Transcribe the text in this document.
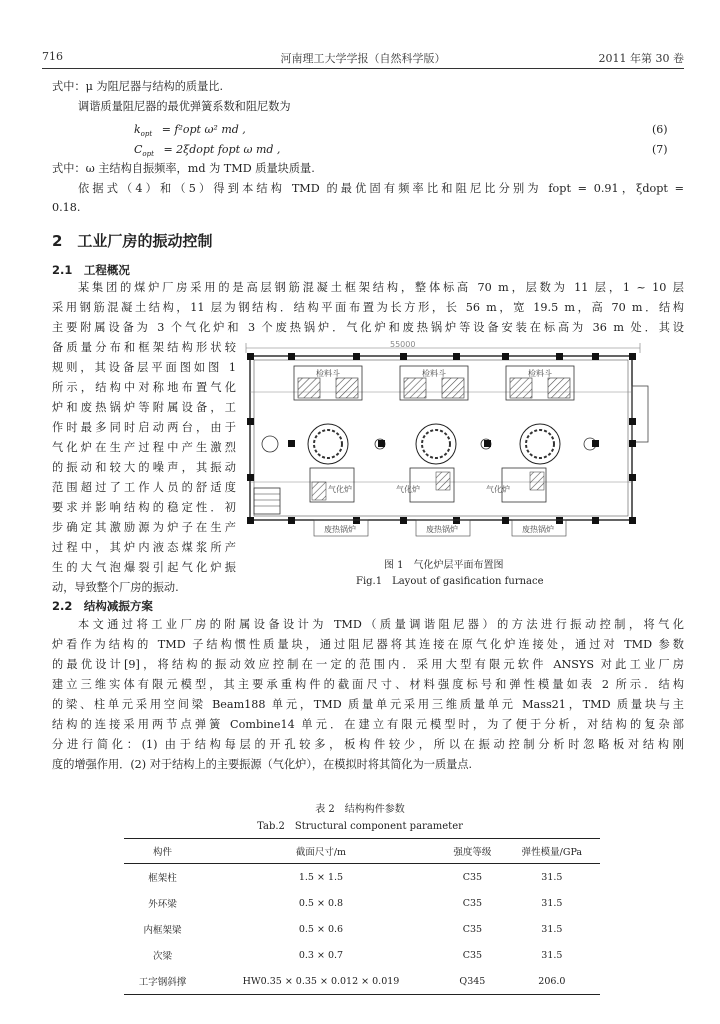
716	河南理工大学学报（自然科学版）	2011 年第 30 卷
式中：μ 为阻尼器与结构的质量比.
调谐质量阻尼器的最优弹簧系数和阻尼数为
$k_{opt} = f^2opt$ ω² md ,	(6)
$C_{opt}$ = 2ξdopt fopt ω md ,	(7)
式中：ω 主结构自振频率，md 为 TMD 质量块质量.
依据式（4）和（5）得到本结构 TMD 的最优固有频率比和阻尼比分别为 fopt = 0.91，ξdopt =
0.18.
2　工业厂房的振动控制
2.1　工程概况
某集团的煤炉厂房采用的是高层钢筋混凝土框架结构，整体标高 70 m，层数为 11 层，1 ~ 10 层
采用钢筋混凝土结构，11 层为钢结构．结构平面布置为长方形，长 56 m，宽 19.5 m，高 70 m．结构
主要附属设备为 3 个气化炉和 3 个废热锅炉．气化炉和废热锅炉等设备安装在标高为 36 m 处．其设
备质量分布和框架结构形状较
规则，其设备层平面图如图 1
所示，结构中对称地布置气化
炉和废热锅炉等附属设备，工
作时最多同时启动两台，由于
气化炉在生产过程中产生激烈
的振动和较大的噪声，其振动
范围超过了工作人员的舒适度
要求并影响结构的稳定性．初
步确定其激励源为炉子在生产
过程中，其炉内液态煤浆所产
生的大气泡爆裂引起气化炉振
动，导致整个厂房的振动.
55000
检料斗	检料斗	检料斗
气化炉	气化炉	气化炉
废热锅炉	废热锅炉	废热锅炉
图 1　气化炉层平面布置图
Fig.1　Layout of gasification furnace
2.2　结构减振方案
本文通过将工业厂房的附属设备设计为 TMD（质量调谐阻尼器）的方法进行振动控制，将气化
炉看作为结构的 TMD 子结构惯性质量块，通过阻尼器将其连接在原气化炉连接处，通过对 TMD 参数
的最优设计[9]，将结构的振动效应控制在一定的范围内．采用大型有限元软件 ANSYS 对此工业厂房
建立三维实体有限元模型，其主要承重构件的截面尺寸、材料强度标号和弹性模量如表 2 所示．结构
的梁、柱单元采用空间梁 Beam188 单元，TMD 质量单元采用三维质量单元 Mass21，TMD 质量块与主
结构的连接采用两节点弹簧 Combine14 单元．在建立有限元模型时，为了便于分析，对结构的复杂部
分进行简化：(1) 由于结构每层的开孔较多，板构件较少，所以在振动控制分析时忽略板对结构刚
度的增强作用．(2) 对于结构上的主要振源（气化炉），在模拟时将其简化为一质量点.
表 2　结构构件参数
Tab.2　Structural component parameter
构件	截面尺寸/m	强度等级	弹性模量/GPa
框架柱	1.5 × 1.5	C35	31.5
外环梁	0.5 × 0.8	C35	31.5
内框架梁	0.5 × 0.6	C35	31.5
次梁	0.3 × 0.7	C35	31.5
工字钢斜撑	HW0.35 × 0.35 × 0.012 × 0.019	Q345	206.0
